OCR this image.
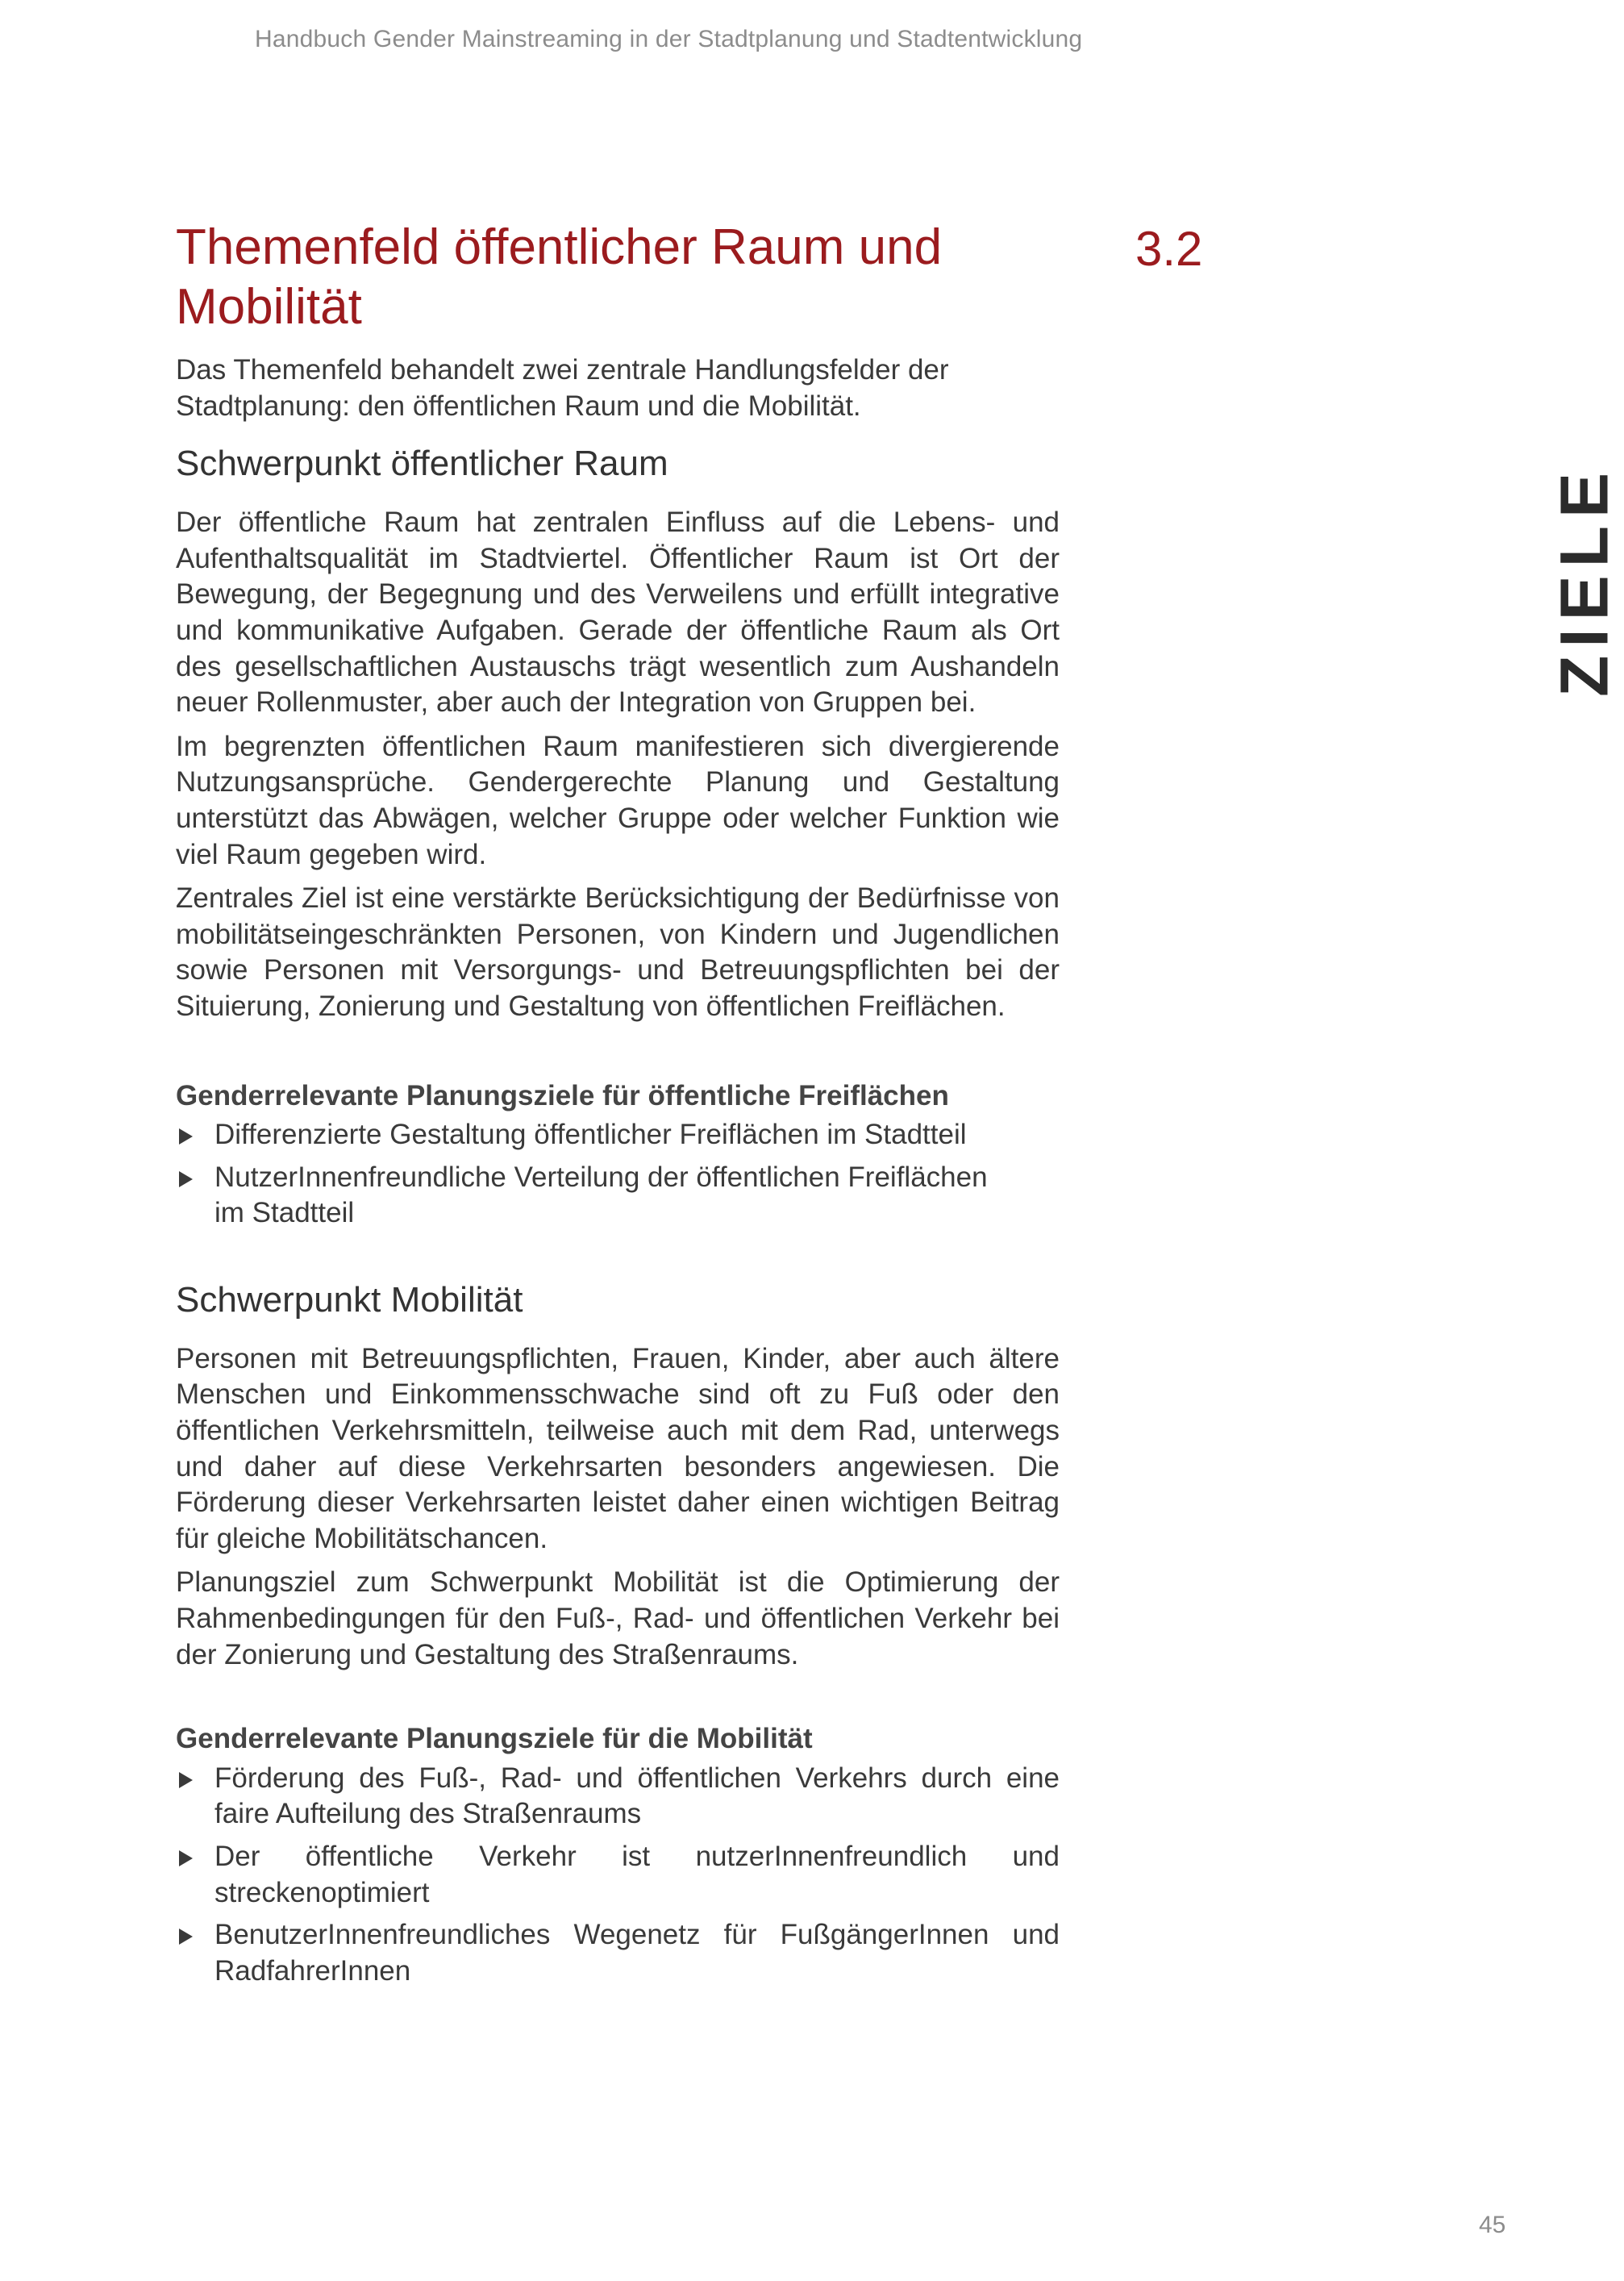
Handbuch Gender Mainstreaming in der Stadtplanung und Stadtentwicklung
Themenfeld öffentlicher Raum und Mobilität
3.2
ZIELE

Das Themenfeld behandelt zwei zentrale Handlungsfelder der Stadtplanung: den öffentlichen Raum und die Mobilität.

Schwerpunkt öffentlicher Raum

Der öffentliche Raum hat zentralen Einfluss auf die Lebens- und Aufenthaltsqualität im Stadtviertel. Öffentlicher Raum ist Ort der Bewegung, der Begegnung und des Verweilens und erfüllt integrative und kommunikative Aufgaben. Gerade der öffentliche Raum als Ort des gesellschaftlichen Austauschs trägt wesentlich zum Aushandeln neuer Rollenmuster, aber auch der Integration von Gruppen bei.

Im begrenzten öffentlichen Raum manifestieren sich divergierende Nutzungsansprüche. Gendergerechte Planung und Gestaltung unterstützt das Abwägen, welcher Gruppe oder welcher Funktion wie viel Raum gegeben wird.

Zentrales Ziel ist eine verstärkte Berücksichtigung der Bedürfnisse von mobilitätseingeschränkten Personen, von Kindern und Jugendlichen sowie Personen mit Versorgungs- und Betreuungspflichten bei der Situierung, Zonierung und Gestaltung von öffentlichen Freiflächen.

Genderrelevante Planungsziele für öffentliche Freiflächen
Differenzierte Gestaltung öffentlicher Freiflächen im Stadtteil
NutzerInnenfreundliche Verteilung der öffentlichen Freiflächen im Stadtteil
Schwerpunkt Mobilität

Personen mit Betreuungspflichten, Frauen, Kinder, aber auch ältere Menschen und Einkommensschwache sind oft zu Fuß oder den öffentlichen Verkehrsmitteln, teilweise auch mit dem Rad, unterwegs und daher auf diese Verkehrsarten besonders angewiesen. Die Förderung dieser Verkehrsarten leistet daher einen wichtigen Beitrag für gleiche Mobilitätschancen.

Planungsziel zum Schwerpunkt Mobilität ist die Optimierung der Rahmenbedingungen für den Fuß-, Rad- und öffentlichen Verkehr bei der Zonierung und Gestaltung des Straßenraums.

Genderrelevante Planungsziele für die Mobilität
Förderung des Fuß-, Rad- und öffentlichen Verkehrs durch eine faire Aufteilung des Straßenraums
Der öffentliche Verkehr ist nutzerInnenfreundlich und streckenoptimiert
BenutzerInnenfreundliches Wegenetz für FußgängerInnen und RadfahrerInnen
45
